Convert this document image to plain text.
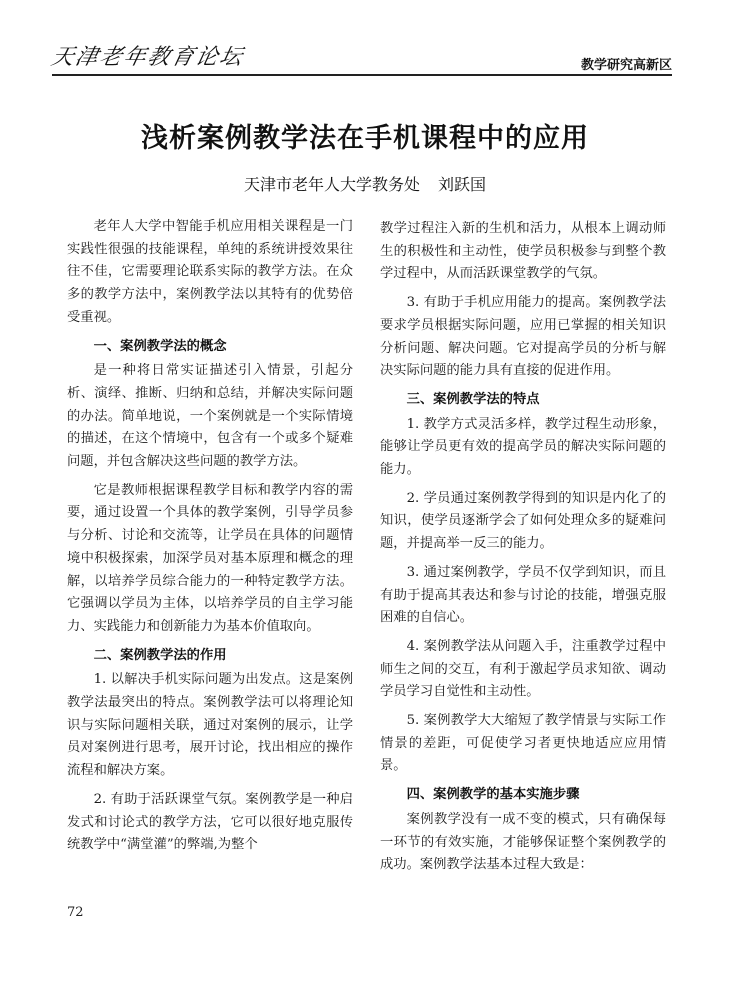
天津老年教育论坛	教学研究高新区
浅析案例教学法在手机课程中的应用
天津市老年人大学教务处 刘跃国

老年人大学中智能手机应用相关课程是一门实践性很强的技能课程，单纯的系统讲授效果往往不佳，它需要理论联系实际的教学方法。在众多的教学方法中，案例教学法以其特有的优势倍受重视。

一、案例教学法的概念

是一种将日常实证描述引入情景，引起分析、演绎、推断、归纳和总结，并解决实际问题的办法。简单地说，一个案例就是一个实际情境的描述，在这个情境中，包含有一个或多个疑难问题，并包含解决这些问题的教学方法。

它是教师根据课程教学目标和教学内容的需要，通过设置一个具体的教学案例，引导学员参与分析、讨论和交流等，让学员在具体的问题情境中积极探索，加深学员对基本原理和概念的理解，以培养学员综合能力的一种特定教学方法。它强调以学员为主体，以培养学员的自主学习能力、实践能力和创新能力为基本价值取向。

二、案例教学法的作用

1. 以解决手机实际问题为出发点。这是案例教学法最突出的特点。案例教学法可以将理论知识与实际问题相关联，通过对案例的展示，让学员对案例进行思考，展开讨论，找出相应的操作流程和解决方案。

2. 有助于活跃课堂气氛。案例教学是一种启发式和讨论式的教学方法，它可以很好地克服传统教学中“满堂灌”的弊端,为整个

教学过程注入新的生机和活力，从根本上调动师生的积极性和主动性，使学员积极参与到整个教学过程中，从而活跃课堂教学的气氛。

3. 有助于手机应用能力的提高。案例教学法要求学员根据实际问题，应用已掌握的相关知识分析问题、解决问题。它对提高学员的分析与解决实际问题的能力具有直接的促进作用。

三、案例教学法的特点

1. 教学方式灵活多样，教学过程生动形象，能够让学员更有效的提高学员的解决实际问题的能力。

2. 学员通过案例教学得到的知识是内化了的知识，使学员逐渐学会了如何处理众多的疑难问题，并提高举一反三的能力。

3. 通过案例教学，学员不仅学到知识，而且有助于提高其表达和参与讨论的技能，增强克服困难的自信心。

4. 案例教学法从问题入手，注重教学过程中师生之间的交互，有利于激起学员求知欲、调动学员学习自觉性和主动性。

5. 案例教学大大缩短了教学情景与实际工作情景的差距，可促使学习者更快地适应应用情景。

四、案例教学的基本实施步骤

案例教学没有一成不变的模式，只有确保每一环节的有效实施，才能够保证整个案例教学的成功。案例教学法基本过程大致是：

72
